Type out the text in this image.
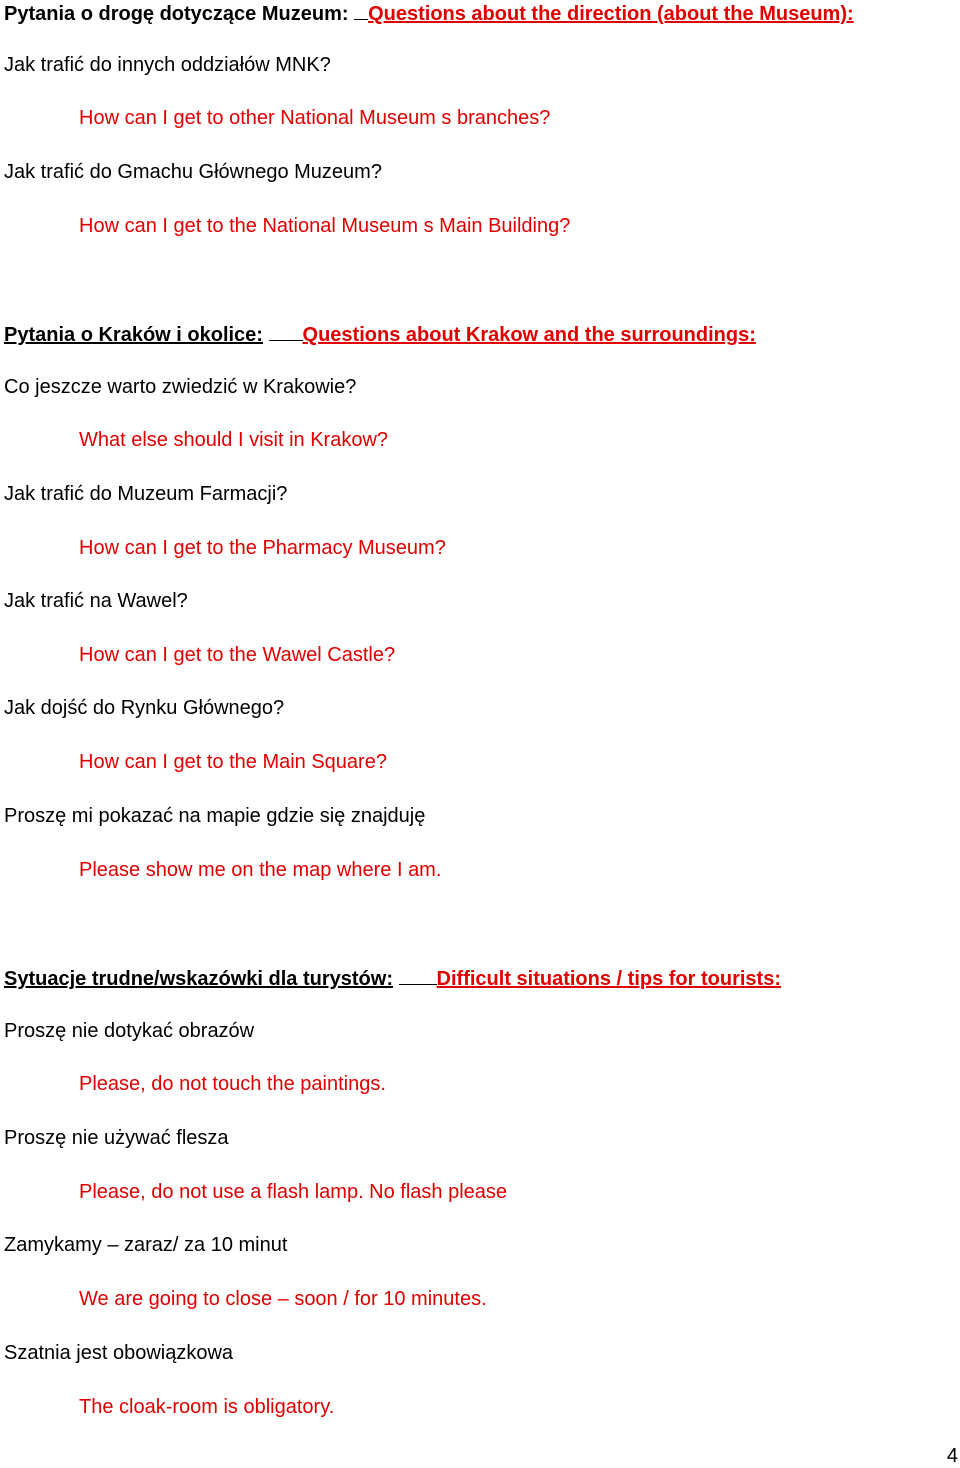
Pytania o drogę dotyczące Muzeum: Questions about the direction (about the Museum):
Jak trafić do innych oddziałów MNK?
How can I get to other National Museum s branches?
Jak trafić do Gmachu Głównego Muzeum?
How can I get to the National Museum s Main Building?
Pytania o Kraków i okolice: Questions about Krakow and the surroundings:
Co jeszcze warto zwiedzić w Krakowie?
What else should I visit in Krakow?
Jak trafić do Muzeum Farmacji?
How can I get to the Pharmacy Museum?
Jak trafić na Wawel?
How can I get to the Wawel Castle?
Jak dojść do Rynku Głównego?
How can I get to the Main Square?
Proszę mi pokazać na mapie gdzie się znajduję
Please show me on the map where I am.
Sytuacje trudne/wskazówki dla turystów: Difficult situations / tips for tourists:
Proszę nie dotykać obrazów
Please, do not touch the paintings.
Proszę nie używać flesza
Please, do not use a flash lamp. No flash please
Zamykamy – zaraz/ za 10 minut
We are going to close – soon / for 10 minutes.
Szatnia jest obowiązkowa
The cloak-room is obligatory.
4
